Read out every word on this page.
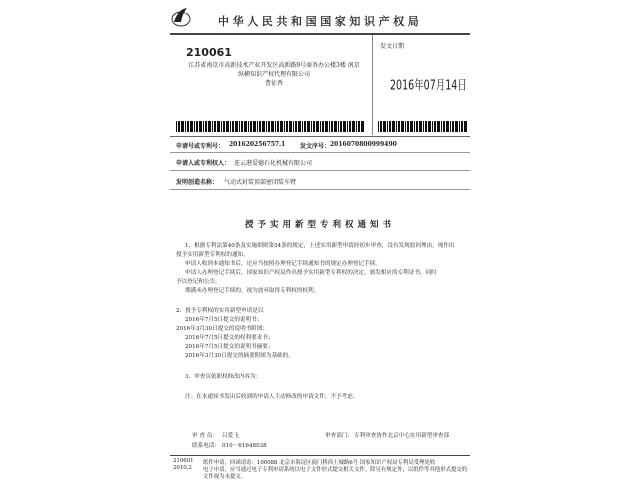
中华人民共和国国家知识产权局
210061
江苏省南京市高新技术产业开发区高新路9号商务办公楼3楼 南京
纵横知识产权代理有限公司
曹征香
发文日期
2016年07月14日
申请号或专利号： 201620256757.1 发文序号： 2016070800999490
申请人或专利权人： 连云港爱德石化机械有限公司
发明创造名称： 气动式封装顶部密闭装车臂
授予实用新型专利权通知书
1．根据专利法第40条及实施细则第54条的规定，上述实用新型申请经初步审查，没有发现驳回理由，现作出
授予实用新型专利权的通知。
申请人收到本通知书后，还应当按照办理登记手续通知书的规定办理登记手续。
申请人办理登记手续后，国家知识产权局作出授予实用新型专利权的决定，颁发相应的专利证书，同时
予以登记和公告。
期满未办理登记手续的，视为放弃取得专利权的权利。
2．授予专利权的实用新型申请是以
2016年7月5日提交的说明书；
2016年3月30日提交的说明书附图；
2016年7月5日提交的权利要求书；
2016年7月5日提交的说明书摘要；
2016年3月30日提交的摘要附图为基础的。
3．审查员依职权修改内容为：
注：在本通知书发出后收到的申请人主动修改的申请文件，不予考虑。
审 查 员： 吕爱飞	审查部门： 专利审查协作北京中心实用新型审查部
联系电话： 010－61648038
210601
2010.2
纸件申请，回函请寄：100088 北京市海淀区蓟门桥西土城路6号 国家知识产权局专利局受理处收
电子申请，应当通过电子专利申请系统以电子文件形式提交相关文件。除另有规定外，以纸件等其他形式提交的
文件视为未提交。
